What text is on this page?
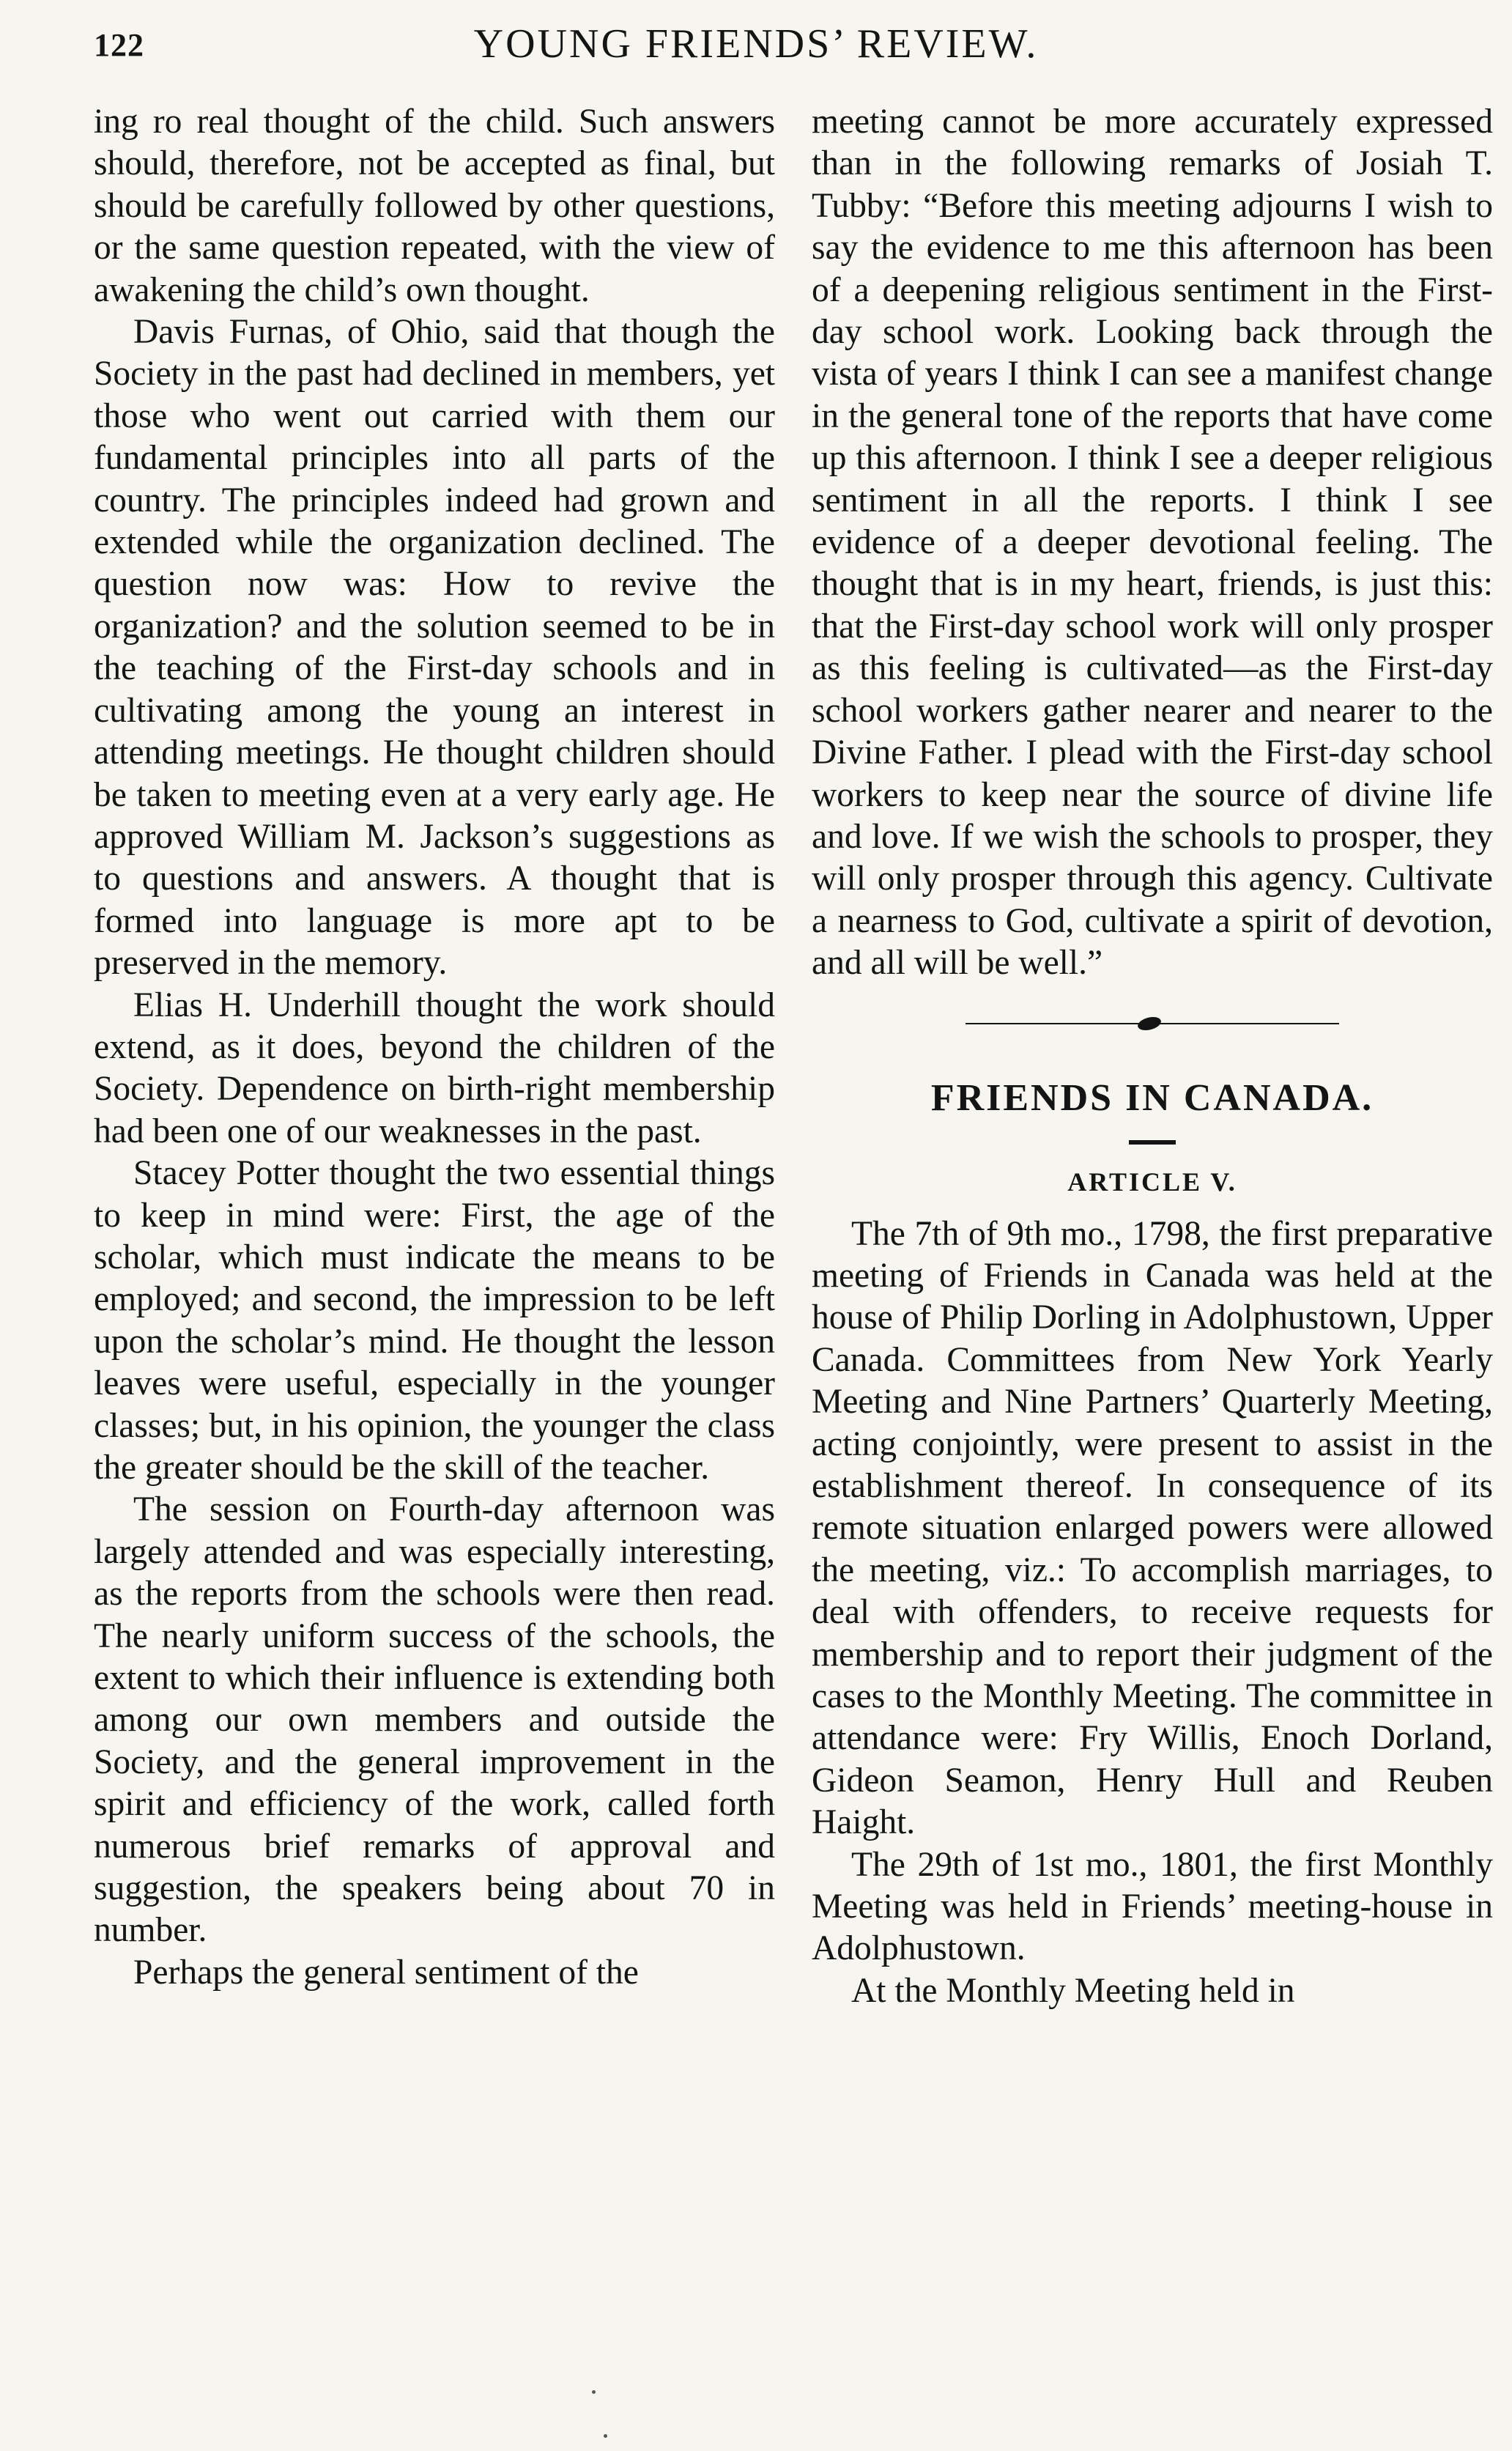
122	YOUNG FRIENDS’ REVIEW.

ing ro real thought of the child. Such answers should, therefore, not be accepted as final, but should be carefully followed by other questions, or the same question repeated, with the view of awakening the child’s own thought.

Davis Furnas, of Ohio, said that though the Society in the past had declined in members, yet those who went out carried with them our fundamental principles into all parts of the country. The principles indeed had grown and extended while the organization declined. The question now was: How to revive the organization? and the solution seemed to be in the teaching of the First-day schools and in cultivating among the young an interest in attending meetings. He thought children should be taken to meeting even at a very early age. He approved William M. Jackson’s suggestions as to questions and answers. A thought that is formed into language is more apt to be preserved in the memory.

Elias H. Underhill thought the work should extend, as it does, beyond the children of the Society. Dependence on birth-right membership had been one of our weaknesses in the past.

Stacey Potter thought the two essential things to keep in mind were: First, the age of the scholar, which must indicate the means to be employed; and second, the impression to be left upon the scholar’s mind. He thought the lesson leaves were useful, especially in the younger classes; but, in his opinion, the younger the class the greater should be the skill of the teacher.

The session on Fourth-day afternoon was largely attended and was especially interesting, as the reports from the schools were then read. The nearly uniform success of the schools, the extent to which their influence is extending both among our own members and outside the Society, and the general improvement in the spirit and efficiency of the work, called forth numerous brief remarks of approval and suggestion, the speakers being about 70 in number.

Perhaps the general sentiment of the

meeting cannot be more accurately expressed than in the following remarks of Josiah T. Tubby: “Before this meeting adjourns I wish to say the evidence to me this afternoon has been of a deepening religious sentiment in the First-day school work. Looking back through the vista of years I think I can see a manifest change in the general tone of the reports that have come up this afternoon. I think I see a deeper religious sentiment in all the reports. I think I see evidence of a deeper devotional feeling. The thought that is in my heart, friends, is just this: that the First-day school work will only prosper as this feeling is cultivated—as the First-day school workers gather nearer and nearer to the Divine Father. I plead with the First-day school workers to keep near the source of divine life and love. If we wish the schools to prosper, they will only prosper through this agency. Cultivate a nearness to God, cultivate a spirit of devotion, and all will be well.”

FRIENDS IN CANADA.
ARTICLE V.

The 7th of 9th mo., 1798, the first preparative meeting of Friends in Canada was held at the house of Philip Dorling in Adolphustown, Upper Canada. Committees from New York Yearly Meeting and Nine Partners’ Quarterly Meeting, acting conjointly, were present to assist in the establishment thereof. In consequence of its remote situation enlarged powers were allowed the meeting, viz.: To accomplish marriages, to deal with offenders, to receive requests for membership and to report their judgment of the cases to the Monthly Meeting. The committee in attendance were: Fry Willis, Enoch Dorland, Gideon Seamon, Henry Hull and Reuben Haight.

The 29th of 1st mo., 1801, the first Monthly Meeting was held in Friends’ meeting-house in Adolphustown.

At the Monthly Meeting held in
